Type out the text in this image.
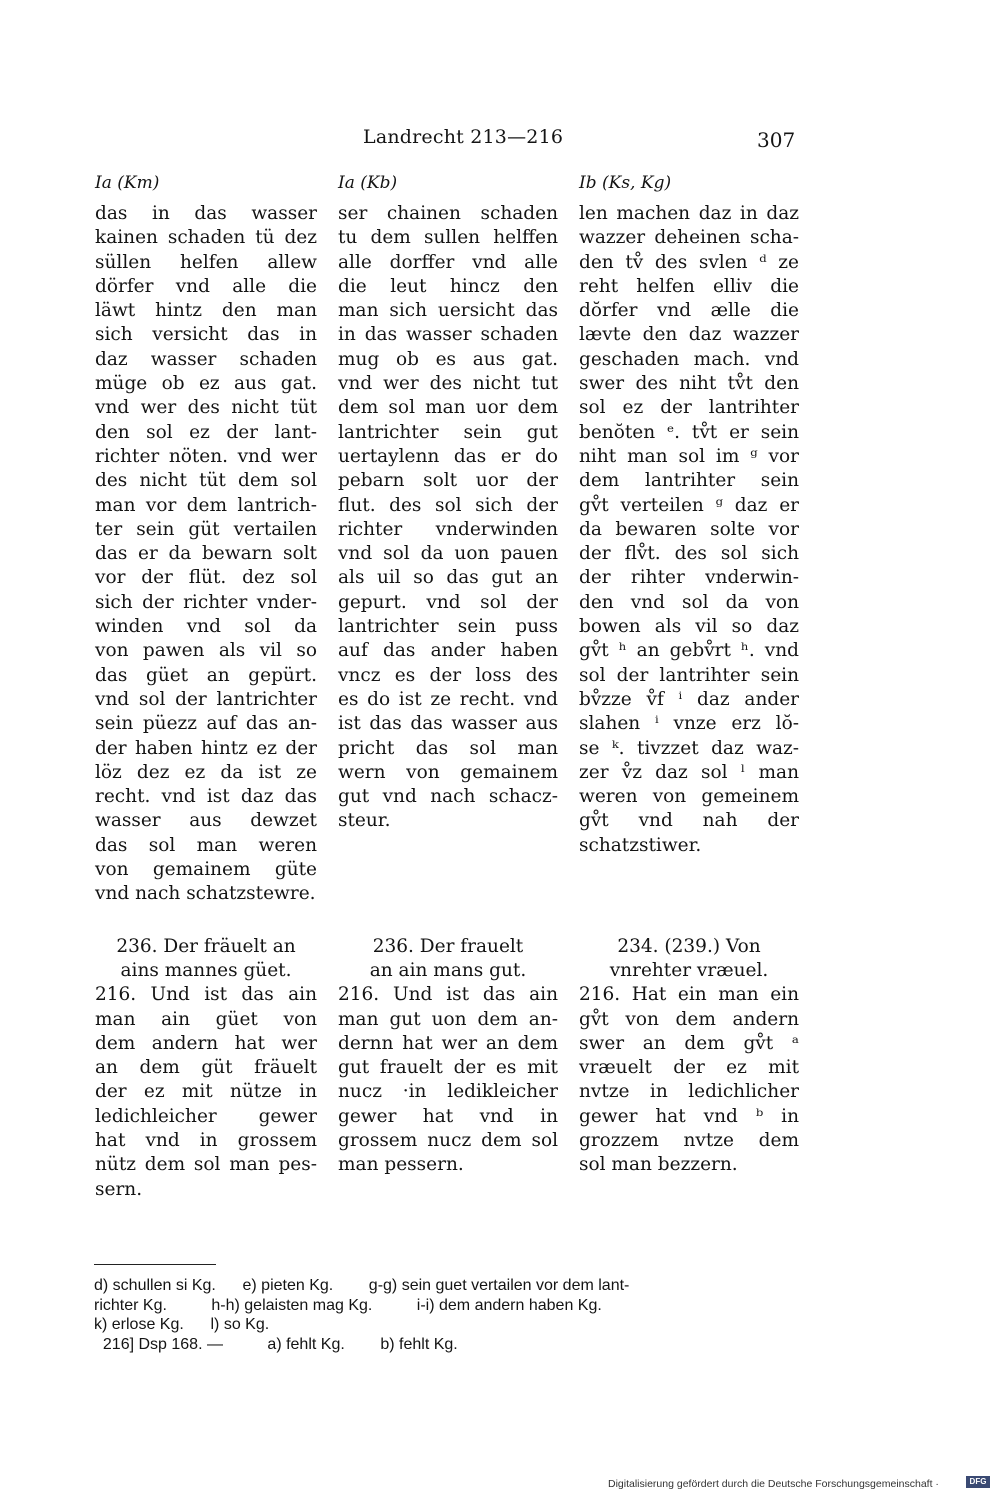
Landrecht 213—216	307
Ia (Km)
das in das wasser
kainen schaden tü dez
süllen helfen allew
dörfer vnd alle die
läwt hintz den man
sich versicht das in
daz wasser schaden
müge ob ez aus gat.
vnd wer des nicht tüt
den sol ez der lant-
richter nöten. vnd wer
des nicht tüt dem sol
man vor dem lantrich-
ter sein güt vertailen
das er da bewarn solt
vor der flüt. dez sol
sich der richter vnder-
winden vnd sol da
von pawen als vil so
das güet an gepürt.
vnd sol der lantrichter
sein püezz auf das an-
der haben hintz ez der
löz dez ez da ist ze
recht. vnd ist daz das
wasser aus dewzet
das sol man weren
von gemainem güte
vnd nach schatzstewre.
236. Der fräuelt an
ains mannes güet.
216. Und ist das ain
man ain güet von
dem andern hat wer
an dem güt fräuelt
der ez mit nütze in
ledichleicher gewer
hat vnd in grossem
nütz dem sol man pes-
sern.
Ia (Kb)
ser chainen schaden
tu dem sullen helffen
alle dorffer vnd alle
die leut hincz den
man sich uersicht das
in das wasser schaden
mug ob es aus gat.
vnd wer des nicht tut
dem sol man uor dem
lantrichter sein gut
uertaylenn das er do
pebarn solt uor der
flut. des sol sich der
richter vnderwinden
vnd sol da uon pauen
als uil so das gut an
gepurt. vnd sol der
lantrichter sein puss
auf das ander haben
vncz es der loss des
es do ist ze recht. vnd
ist das das wasser aus
pricht das sol man
wern von gemainem
gut vnd nach schacz-
steur.
236. Der frauelt
an ain mans gut.
216. Und ist das ain
man gut uon dem an-
dernn hat wer an dem
gut frauelt der es mit
nucz ·in ledikleicher
gewer hat vnd in
grossem nucz dem sol
man pessern.
Ib (Ks, Kg)
len machen daz in daz
wazzer deheinen scha-
den tv̊ des svlen ᵈ ze
reht helfen elliv die
dŏrfer vnd ælle die
lævte den daz wazzer
geschaden mach. vnd
swer des niht tv̊t den
sol ez der lantrihter
benŏten ᵉ. tv̊t er sein
niht man sol im ᵍ vor
dem lantrihter sein
gv̊t verteilen ᵍ daz er
da bewaren solte vor
der flv̊t. des sol sich
der rihter vnderwin-
den vnd sol da von
bowen als vil so daz
gv̊t ʰ an gebv̊rt ʰ. vnd
sol der lantrihter sein
bv̊zze v̊f ⁱ daz ander
slahen ⁱ vnze erz lŏ-
se ᵏ. tivzzet daz waz-
zer v̊z daz sol ˡ man
weren von gemeinem
gv̊t vnd nah der
schatzstiwer.
234. (239.) Von
vnrehter vræuel.
216. Hat ein man ein
gv̊t von dem andern
swer an dem gv̊t ᵃ
vræuelt der ez mit
nvtze in ledichlicher
gewer hat vnd ᵇ in
grozzem nvtze dem
sol man bezzern.
d) schullen si Kg.      e) pieten Kg.        g-g) sein guet vertailen vor dem lant-
richter Kg.          h-h) gelaisten mag Kg.          i-i) dem andern haben Kg.
k) erlose Kg.      l) so Kg.
216] Dsp 168. —          a) fehlt Kg.        b) fehlt Kg.
Digitalisierung gefördert durch die Deutsche Forschungsgemeinschaft ·	DFG
